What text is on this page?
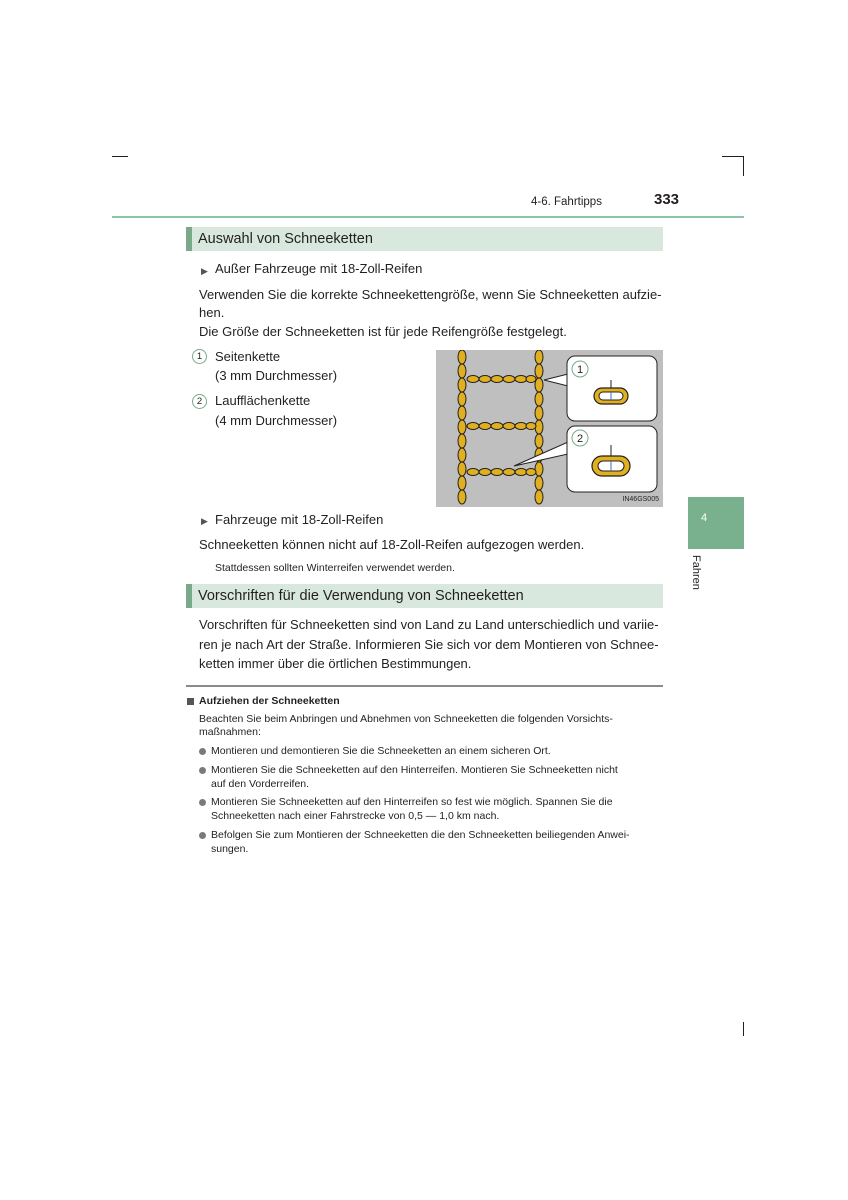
4-6. Fahrtipps	333
4
Fahren
Auswahl von Schneeketten
▶ Außer Fahrzeuge mit 18-Zoll-Reifen
Verwenden Sie die korrekte Schneekettengröße, wenn Sie Schneeketten aufzie-
hen.
Die Größe der Schneeketten ist für jede Reifengröße festgelegt.
1 Seitenkette
(3 mm Durchmesser)
2 Laufflächenkette
(4 mm Durchmesser)
1
2
IN46GS005
▶ Fahrzeuge mit 18-Zoll-Reifen
Schneeketten können nicht auf 18-Zoll-Reifen aufgezogen werden.
Stattdessen sollten Winterreifen verwendet werden.
Vorschriften für die Verwendung von Schneeketten
Vorschriften für Schneeketten sind von Land zu Land unterschiedlich und variie-
ren je nach Art der Straße. Informieren Sie sich vor dem Montieren von Schnee-
ketten immer über die örtlichen Bestimmungen.
Aufziehen der Schneeketten
Beachten Sie beim Anbringen und Abnehmen von Schneeketten die folgenden Vorsichts-
maßnahmen:
Montieren und demontieren Sie die Schneeketten an einem sicheren Ort.
Montieren Sie die Schneeketten auf den Hinterreifen. Montieren Sie Schneeketten nicht
auf den Vorderreifen.
Montieren Sie Schneeketten auf den Hinterreifen so fest wie möglich. Spannen Sie die
Schneeketten nach einer Fahrstrecke von 0,5 — 1,0 km nach.
Befolgen Sie zum Montieren der Schneeketten die den Schneeketten beiliegenden Anwei-
sungen.
